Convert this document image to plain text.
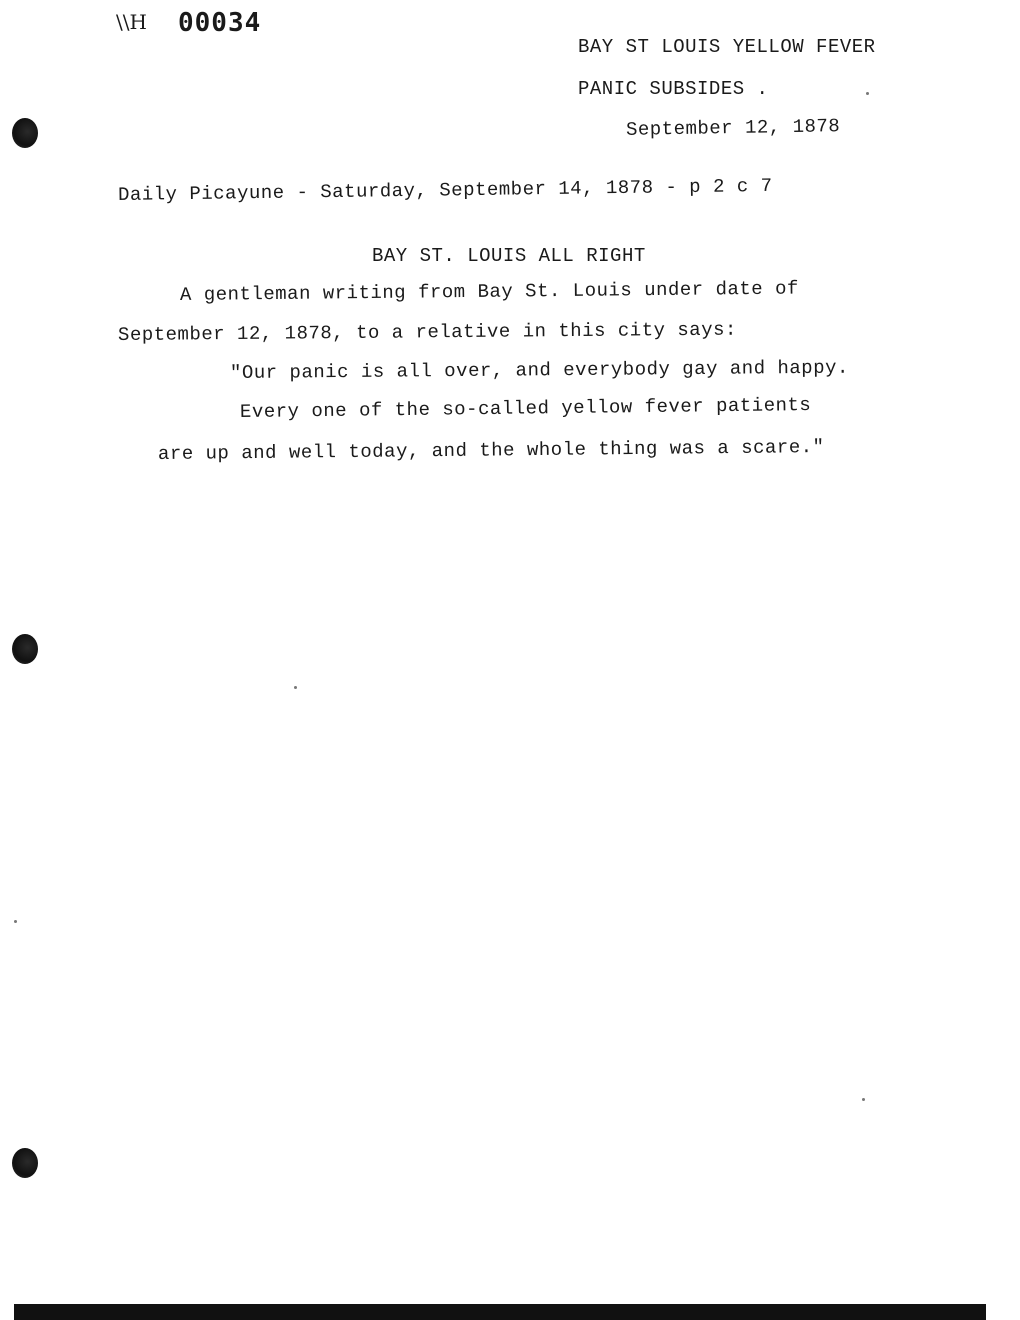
\\H 00034
BAY ST LOUIS YELLOW FEVER
PANIC SUBSIDES .
September 12, 1878
Daily Picayune - Saturday, September 14, 1878 - p 2 c 7
BAY ST. LOUIS ALL RIGHT
A gentleman writing from Bay St. Louis under date of
September 12, 1878, to a relative in this city says:
"Our panic is all over, and everybody gay and happy.
Every one of the so-called yellow fever patients
are up and well today, and the whole thing was a scare."
